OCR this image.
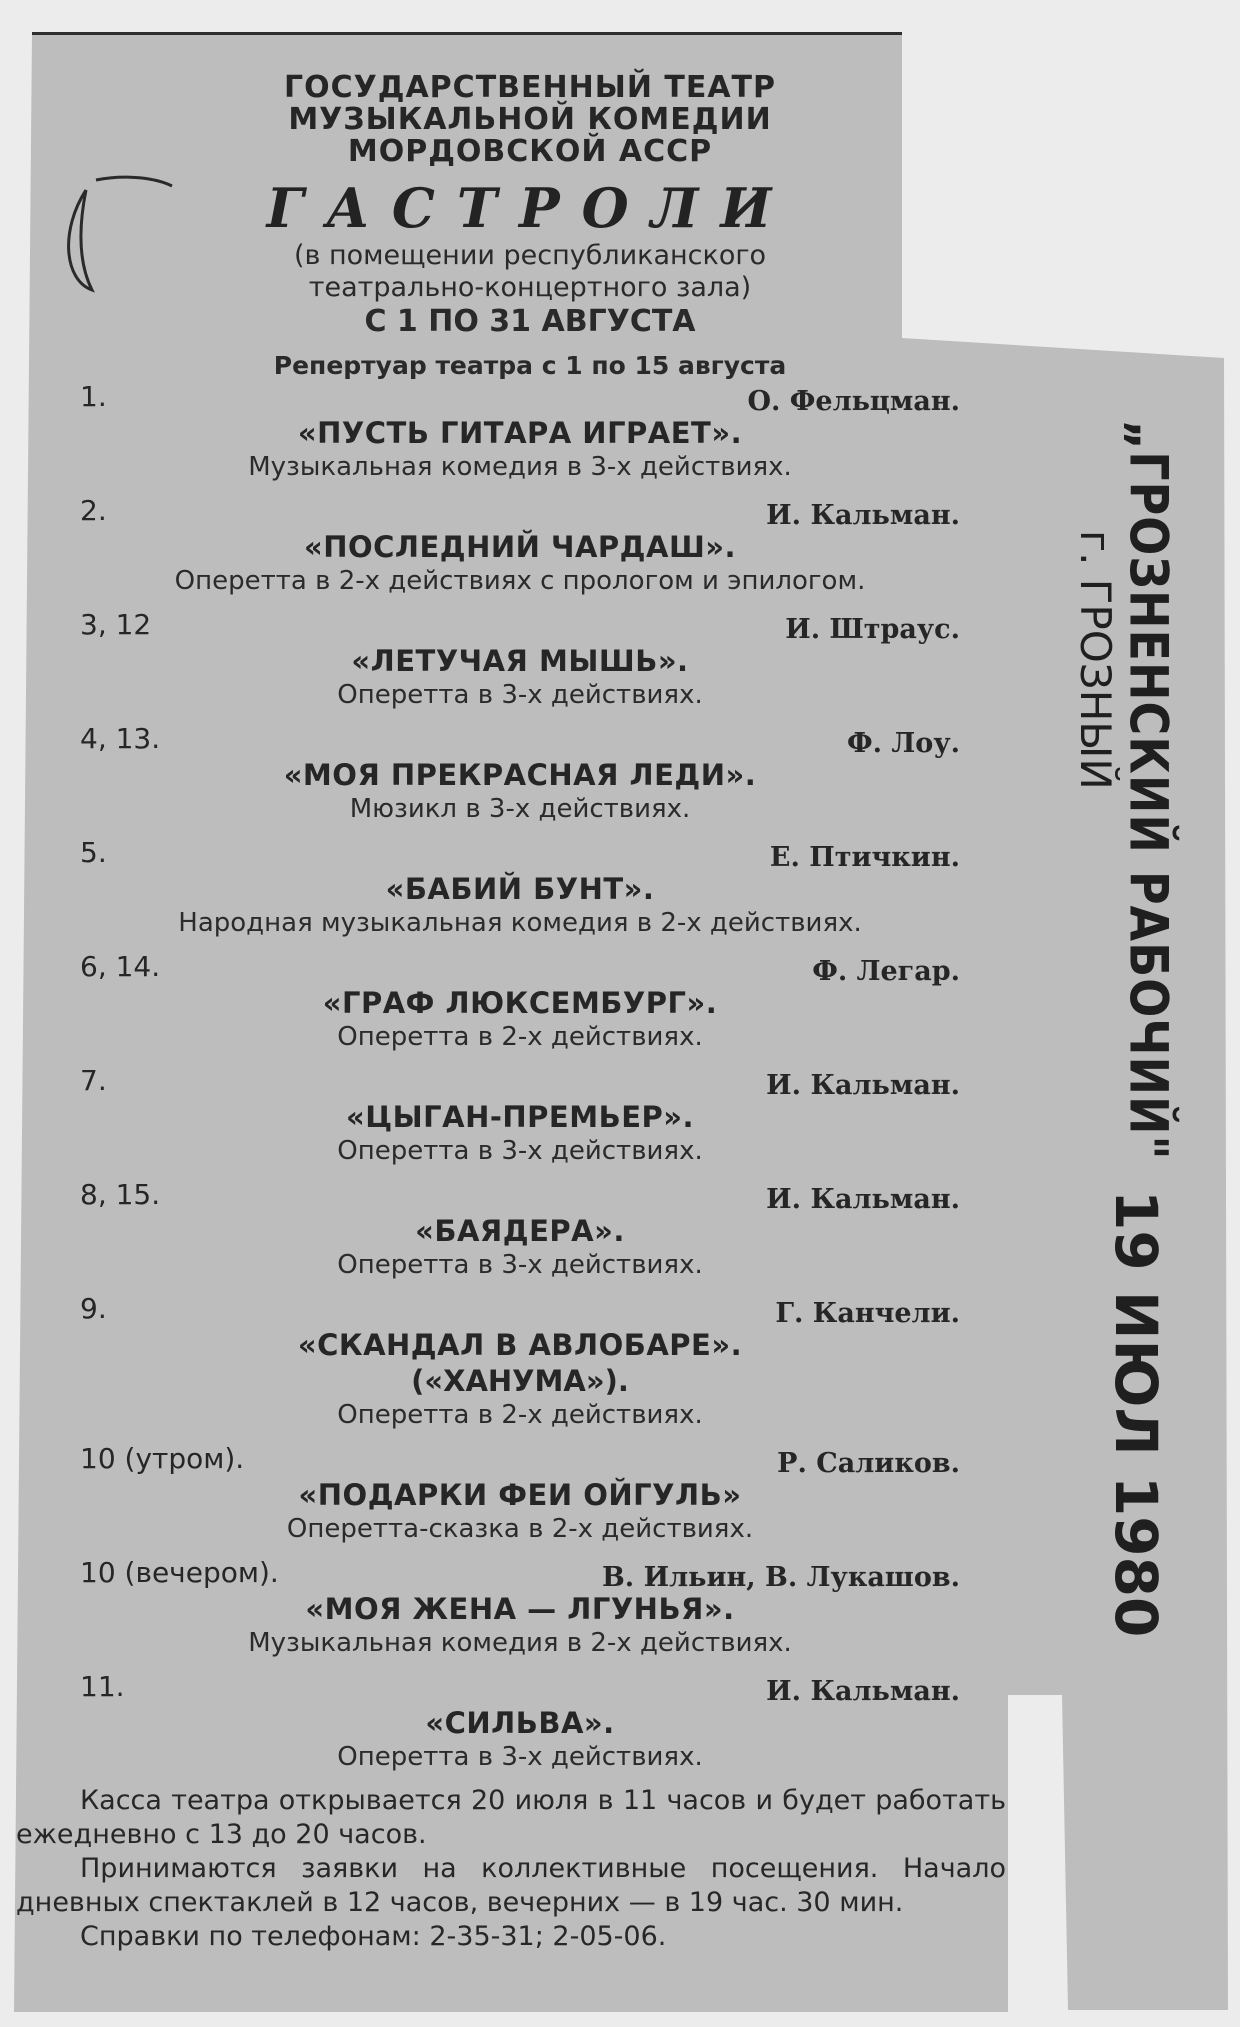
ГОСУДАРСТВЕННЫЙ ТЕАТР
МУЗЫКАЛЬНОЙ КОМЕДИИ
МОРДОВСКОЙ АССР
ГАСТРОЛИ
(в помещении республиканского
театрально-концертного зала)
С 1 ПО 31 АВГУСТА
Репертуар театра с 1 по 15 августа
1.	О. Фельцман.
«ПУСТЬ ГИТАРА ИГРАЕТ».
Музыкальная комедия в 3-х действиях.
2.	И. Кальман.
«ПОСЛЕДНИЙ ЧАРДАШ».
Оперетта в 2-х действиях с прологом и эпилогом.
3, 12	И. Штраус.
«ЛЕТУЧАЯ МЫШЬ».
Оперетта в 3-х действиях.
4, 13.	Ф. Лоу.
«МОЯ ПРЕКРАСНАЯ ЛЕДИ».
Мюзикл в 3-х действиях.
5.	Е. Птичкин.
«БАБИЙ БУНТ».
Народная музыкальная комедия в 2-х действиях.
6, 14.	Ф. Легар.
«ГРАФ ЛЮКСЕМБУРГ».
Оперетта в 2-х действиях.
7.	И. Кальман.
«ЦЫГАН-ПРЕМЬЕР».
Оперетта в 3-х действиях.
8, 15.	И. Кальман.
«БАЯДЕРА».
Оперетта в 3-х действиях.
9.	Г. Канчели.
«СКАНДАЛ В АВЛОБАРЕ».
(«ХАНУМА»).
Оперетта в 2-х действиях.
10 (утром).	Р. Саликов.
«ПОДАРКИ ФЕИ ОЙГУЛЬ»
Оперетта-сказка в 2-х действиях.
10 (вечером).	В. Ильин, В. Лукашов.
«МОЯ ЖЕНА — ЛГУНЬЯ».
Музыкальная комедия в 2-х действиях.
11.	И. Кальман.
«СИЛЬВА».
Оперетта в 3-х действиях.

Касса театра открывается 20 июля в 11 часов и будет работать ежедневно с 13 до 20 часов.

Принимаются заявки на коллективные посещения. Начало дневных спектаклей в 12 часов, вечерних — в 19 час. 30 мин.

Справки по телефонам: 2-35-31; 2-05-06.

„ГРОЗНЕНСКИЙ РАБОЧИЙ"
г. ГРОЗНЫЙ
19 ИЮЛ 1980
